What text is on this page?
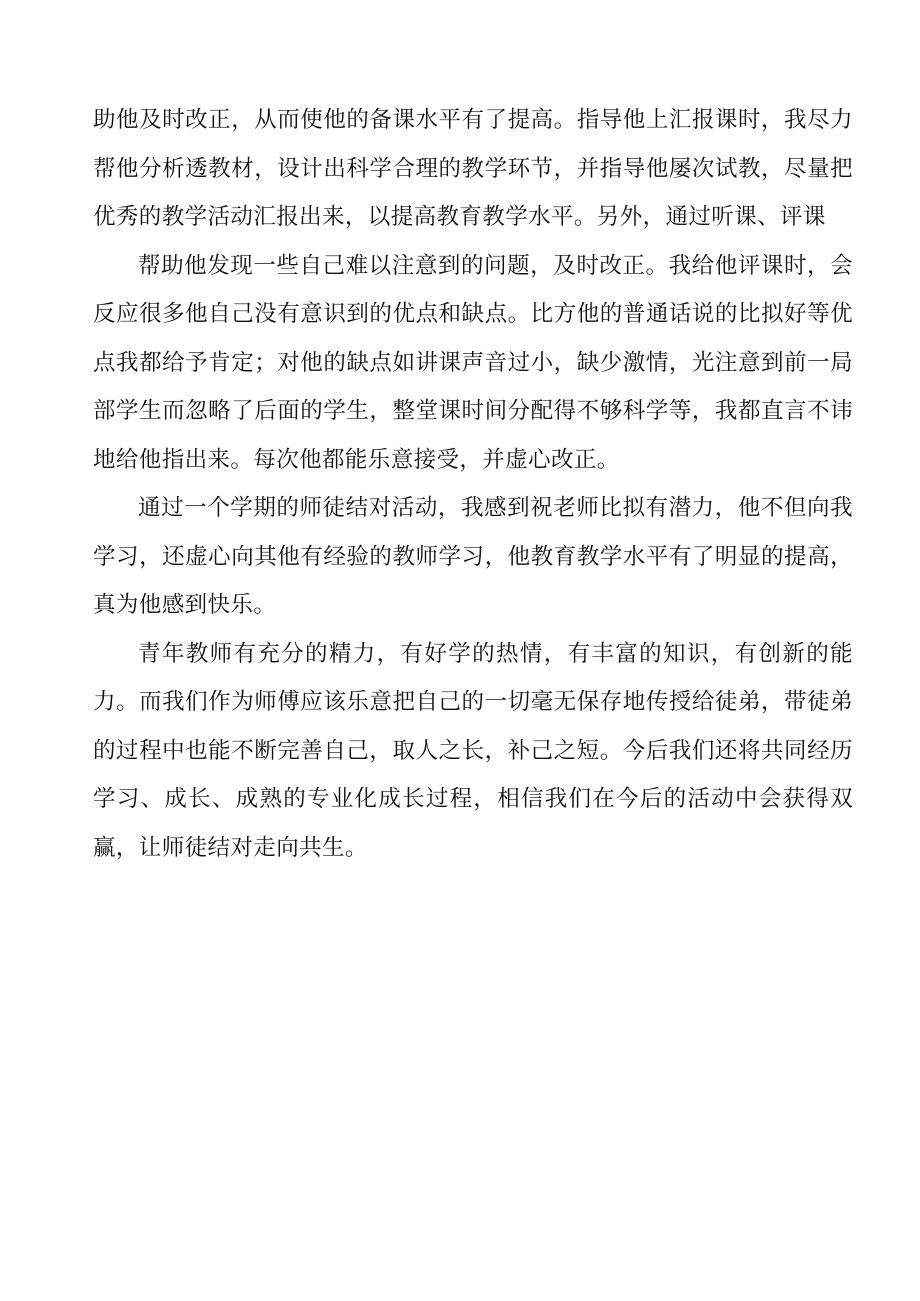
助他及时改正，从而使他的备课水平有了提高。指导他上汇报课时，我尽力帮他分析透教材，设计出科学合理的教学环节，并指导他屡次试教，尽量把优秀的教学活动汇报出来，以提高教育教学水平。另外，通过听课、评课

帮助他发现一些自己难以注意到的问题，及时改正。我给他评课时，会反应很多他自己没有意识到的优点和缺点。比方他的普通话说的比拟好等优点我都给予肯定；对他的缺点如讲课声音过小，缺少激情，光注意到前一局部学生而忽略了后面的学生，整堂课时间分配得不够科学等，我都直言不讳地给他指出来。每次他都能乐意接受，并虚心改正。

通过一个学期的师徒结对活动，我感到祝老师比拟有潜力，他不但向我学习，还虚心向其他有经验的教师学习，他教育教学水平有了明显的提高，真为他感到快乐。

青年教师有充分的精力，有好学的热情，有丰富的知识，有创新的能力。而我们作为师傅应该乐意把自己的一切毫无保存地传授给徒弟，带徒弟的过程中也能不断完善自己，取人之长，补己之短。今后我们还将共同经历学习、成长、成熟的专业化成长过程，相信我们在今后的活动中会获得双赢，让师徒结对走向共生。
